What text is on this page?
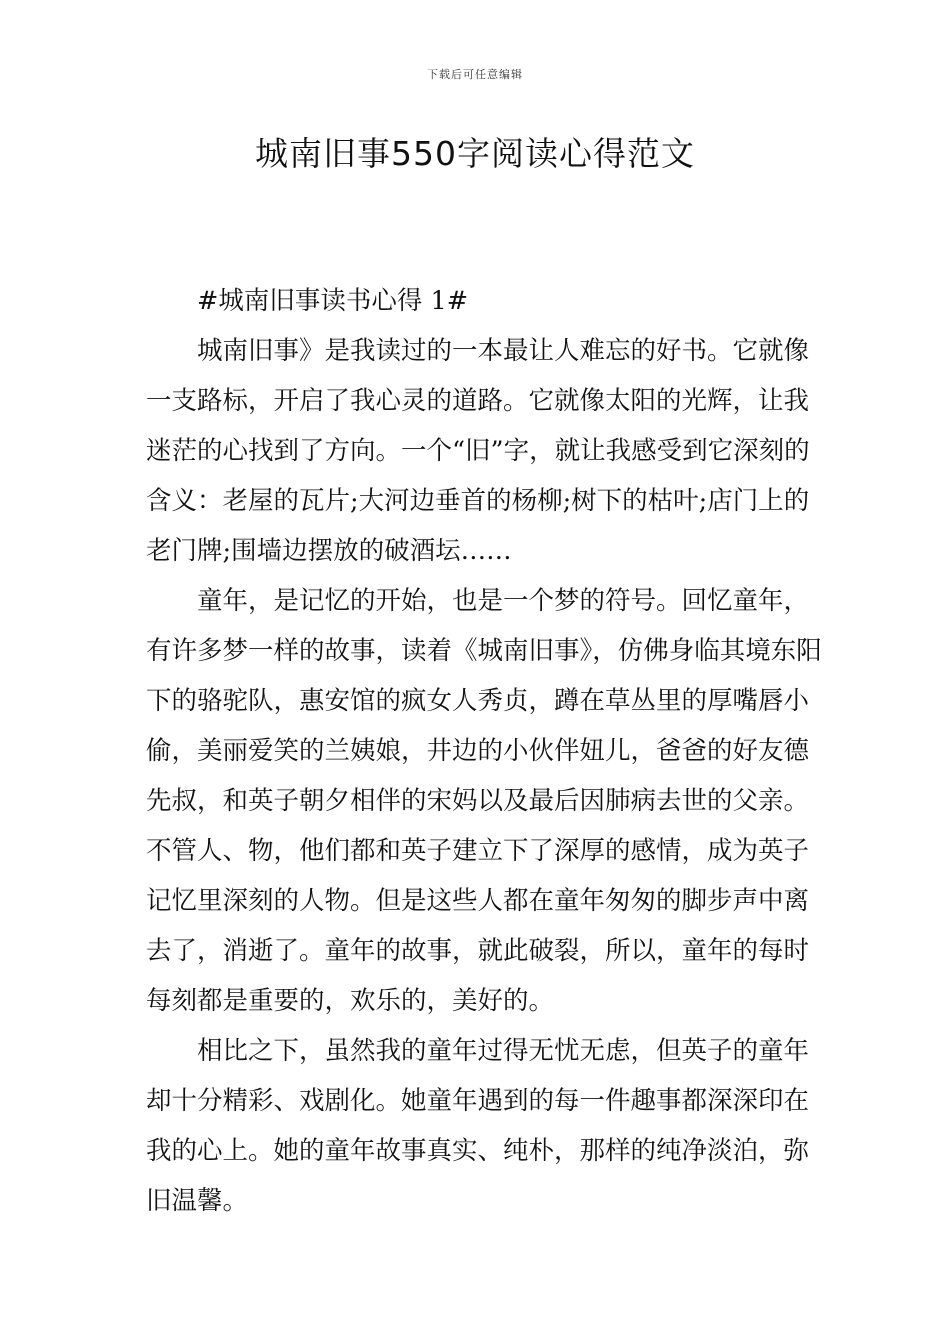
下载后可任意编辑
城南旧事550字阅读心得范文

#城南旧事读书心得 1#

城南旧事》是我读过的一本最让人难忘的好书。它就像一支路标，开启了我心灵的道路。它就像太阳的光辉，让我迷茫的心找到了方向。一个“旧”字，就让我感受到它深刻的含义：老屋的瓦片;大河边垂首的杨柳;树下的枯叶;店门上的老门牌;围墙边摆放的破酒坛……

童年，是记忆的开始，也是一个梦的符号。回忆童年，有许多梦一样的故事，读着《城南旧事》，仿佛身临其境东阳下的骆驼队，惠安馆的疯女人秀贞，蹲在草丛里的厚嘴唇小偷，美丽爱笑的兰姨娘，井边的小伙伴妞儿，爸爸的好友德先叔，和英子朝夕相伴的宋妈以及最后因肺病去世的父亲。不管人、物，他们都和英子建立下了深厚的感情，成为英子记忆里深刻的人物。但是这些人都在童年匆匆的脚步声中离去了，消逝了。童年的故事，就此破裂，所以，童年的每时每刻都是重要的，欢乐的，美好的。

相比之下，虽然我的童年过得无忧无虑，但英子的童年却十分精彩、戏剧化。她童年遇到的每一件趣事都深深印在我的心上。她的童年故事真实、纯朴，那样的纯净淡泊，弥旧温馨。
